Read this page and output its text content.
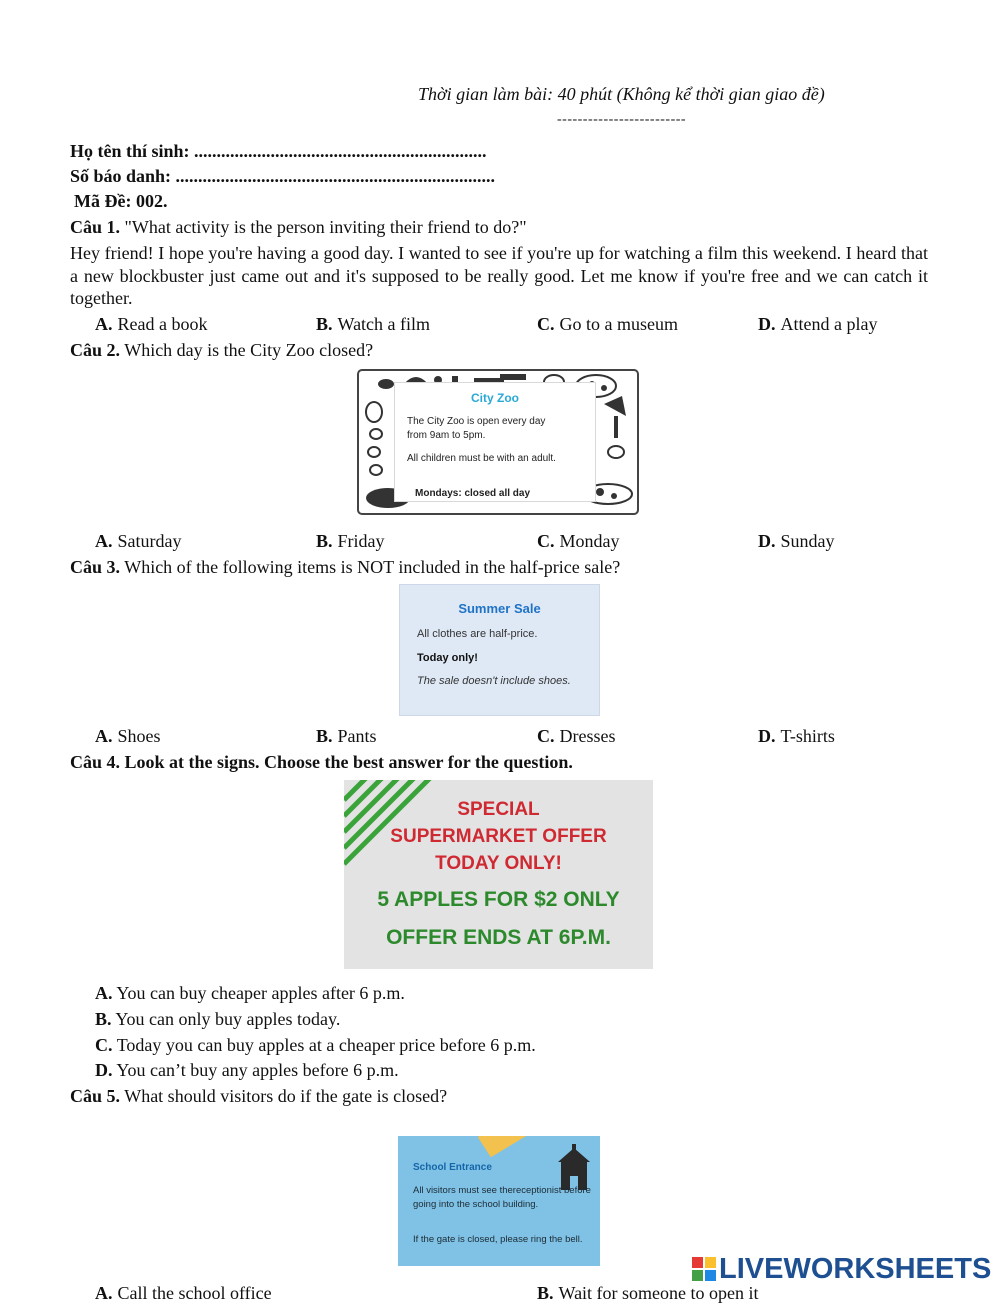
Thời gian làm bài: 40 phút (Không kể thời gian giao đề)
-------------------------
Họ tên thí sinh: .................................................................
Số báo danh: .......................................................................
Mã Đề: 002.
Câu 1. "What activity is the person inviting their friend to do?"
Hey friend! I hope you're having a good day. I wanted to see if you're up for watching a film this weekend. I heard that a new blockbuster just came out and it's supposed to be really good. Let me know if you're free and we can catch it together.
A. Read a book	B. Watch a film	C. Go to a museum	D. Attend a play
Câu 2. Which day is the City Zoo closed?
City Zoo
The City Zoo is open every day from 9am to 5pm.
All children must be with an adult.
Mondays: closed all day
A. Saturday	B. Friday	C. Monday	D. Sunday
Câu 3. Which of the following items is NOT included in the half-price sale?
Summer Sale
All clothes are half-price.
Today only!
The sale doesn't include shoes.
A. Shoes	B. Pants	C. Dresses	D. T-shirts
Câu 4. Look at the signs. Choose the best answer for the question.
SPECIAL
SUPERMARKET OFFER
TODAY ONLY!
5 APPLES FOR $2 ONLY
OFFER ENDS AT 6P.M.
A. You can buy cheaper apples after 6 p.m.
B. You can only buy apples today.
C. Today you can buy apples at a cheaper price before 6 p.m.
D. You can’t buy any apples before 6 p.m.
Câu 5. What should visitors do if the gate is closed?
School Entrance
All visitors must see thereceptionist before going into the school building.
If the gate is closed, please ring the bell.
A. Call the school office	B. Wait for someone to open it
LIVEWORKSHEETS
